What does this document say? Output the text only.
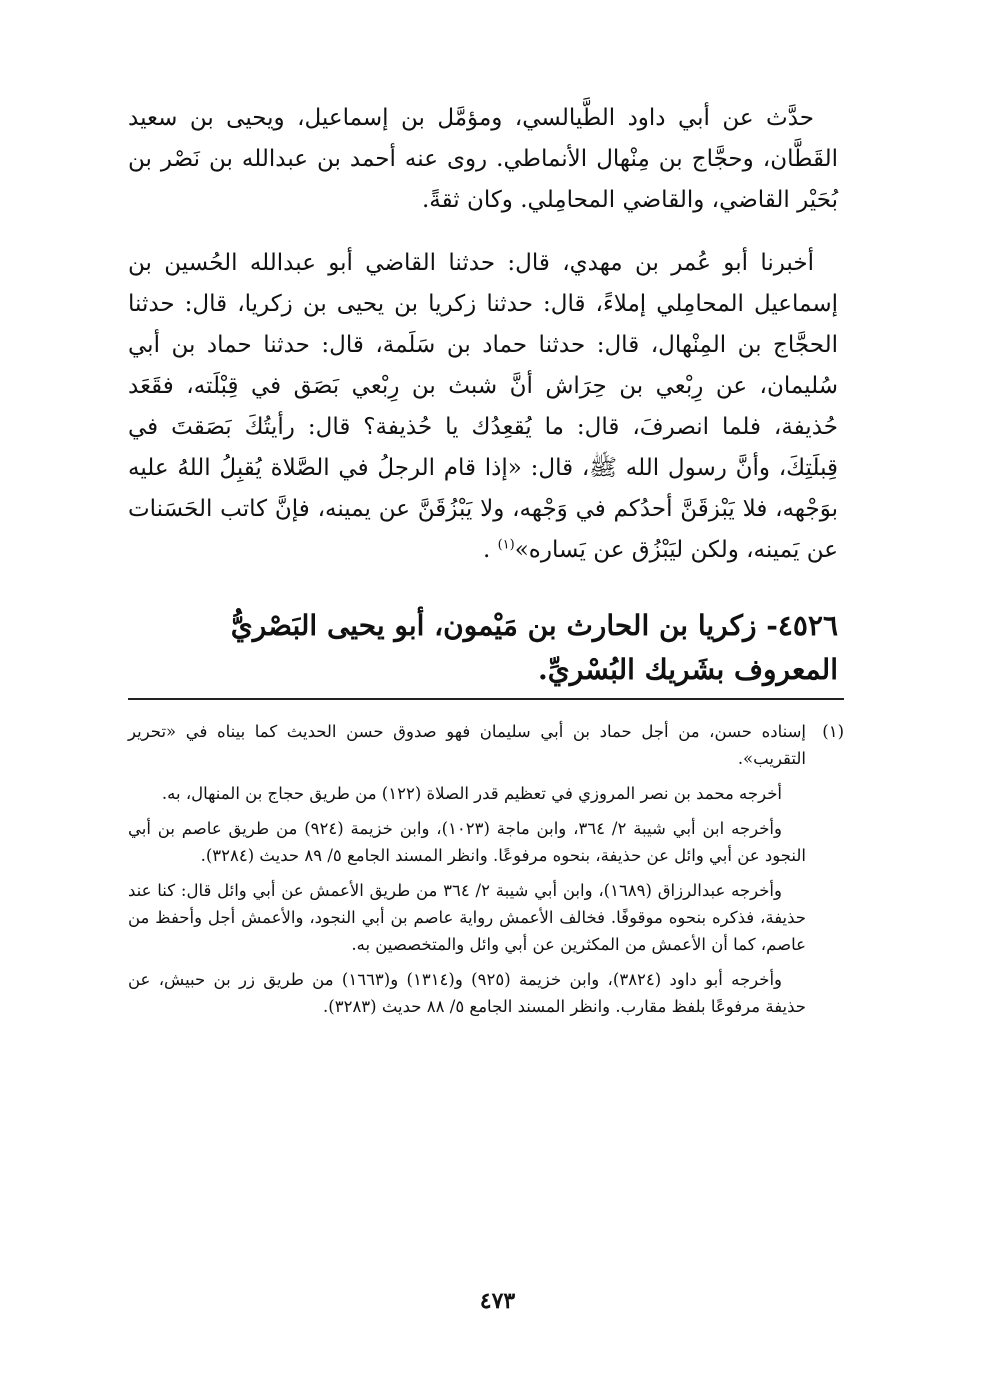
حدَّث عن أبي داود الطَّيالسي، ومؤمَّل بن إسماعيل، ويحيى بن سعيد القَطَّان، وحجَّاج بن مِنْهال الأنماطي. روى عنه أحمد بن عبدالله بن نَصْر بن بُحَيْر القاضي، والقاضي المحامِلي. وكان ثقةً.

أخبرنا أبو عُمر بن مهدي، قال: حدثنا القاضي أبو عبدالله الحُسين بن إسماعيل المحامِلي إملاءً، قال: حدثنا زكريا بن يحيى بن زكريا، قال: حدثنا الحجَّاج بن المِنْهال، قال: حدثنا حماد بن سَلَمة، قال: حدثنا حماد بن أبي سُليمان، عن رِبْعي بن حِرَاش أنَّ شبث بن رِبْعي بَصَق في قِبْلَته، فقَعَد حُذيفة، فلما انصرفَ، قال: ما يُقعِدُك يا حُذيفة؟ قال: رأيتُكَ بَصَقتَ في قِبلَتِكَ، وأنَّ رسول الله ﷺ، قال: «إذا قام الرجلُ في الصَّلاة يُقبِلُ اللهُ عليه بوَجْهه، فلا يَبْزقَنَّ أحدُكم في وَجْهه، ولا يَبْزُقَنَّ عن يمينه، فإنَّ كاتب الحَسَنات عن يَمينه، ولكن ليَبْزُق عن يَساره»$^{(١)}$ .

٤٥٢٦- زكريا بن الحارث بن مَيْمون، أبو يحيى البَصْريُّ المعروف بشَريك البُسْريِّ.
(١)
إسناده حسن، من أجل حماد بن أبي سليمان فهو صدوق حسن الحديث كما بيناه في «تحرير التقريب».
أخرجه محمد بن نصر المروزي في تعظيم قدر الصلاة (١٢٢) من طريق حجاج بن المنهال، به.
وأخرجه ابن أبي شيبة ٢/ ٣٦٤، وابن ماجة (١٠٢٣)، وابن خزيمة (٩٢٤) من طريق عاصم بن أبي النجود عن أبي وائل عن حذيفة، بنحوه مرفوعًا. وانظر المسند الجامع ٥/ ٨٩ حديث (٣٢٨٤).
وأخرجه عبدالرزاق (١٦٨٩)، وابن أبي شيبة ٢/ ٣٦٤ من طريق الأعمش عن أبي وائل قال: كنا عند حذيفة، فذكره بنحوه موقوفًا. فخالف الأعمش رواية عاصم بن أبي النجود، والأعمش أجل وأحفظ من عاصم، كما أن الأعمش من المكثرين عن أبي وائل والمتخصصين به.
وأخرجه أبو داود (٣٨٢٤)، وابن خزيمة (٩٢٥) و(١٣١٤) و(١٦٦٣) من طريق زر بن حبيش، عن حذيفة مرفوعًا بلفظ مقارب. وانظر المسند الجامع ٥/ ٨٨ حديث (٣٢٨٣).
٤٧٣
